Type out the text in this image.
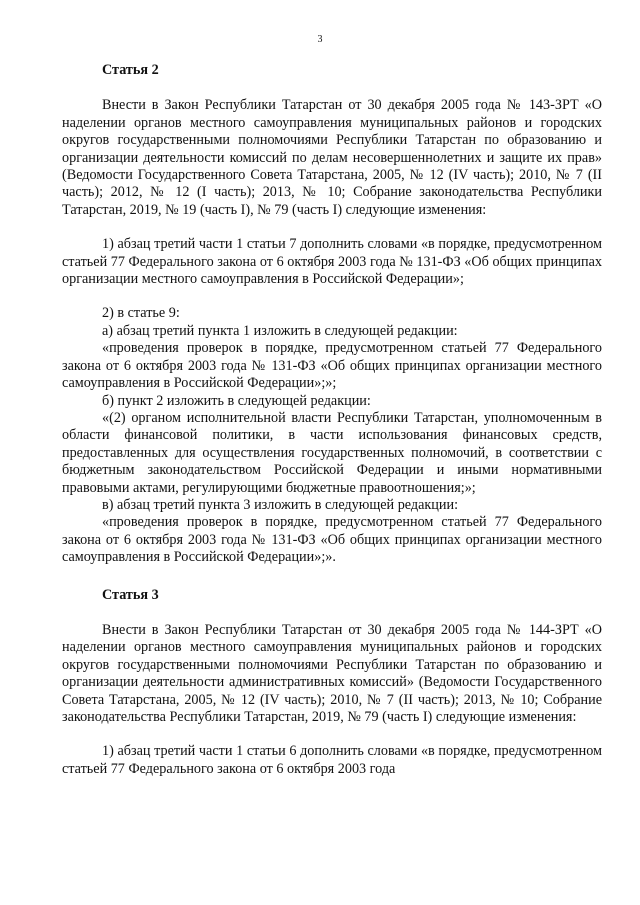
3

Статья 2

Внести в Закон Республики Татарстан от 30 декабря 2005 года № 143-ЗРТ «О наделении органов местного самоуправления муниципальных районов и городских округов государственными полномочиями Республики Татарстан по образованию и организации деятельности комиссий по делам несовершеннолетних и защите их прав» (Ведомости Государственного Совета Татарстана, 2005, № 12 (IV часть); 2010, № 7 (II часть); 2012, № 12 (I часть); 2013, № 10; Собрание законодательства Республики Татарстан, 2019, № 19 (часть I), № 79 (часть I) следующие изменения:

1) абзац третий части 1 статьи 7 дополнить словами «в порядке, предусмотренном статьей 77 Федерального закона от 6 октября 2003 года № 131-ФЗ «Об общих принципах организации местного самоуправления в Российской Федерации»;

2) в статье 9:

а) абзац третий пункта 1 изложить в следующей редакции:

«проведения проверок в порядке, предусмотренном статьей 77 Федерального закона от 6 октября 2003 года № 131-ФЗ «Об общих принципах организации местного самоуправления в Российской Федерации»;»;

б) пункт 2 изложить в следующей редакции:

«(2) органом исполнительной власти Республики Татарстан, уполномоченным в области финансовой политики, в части использования финансовых средств, предоставленных для осуществления государственных полномочий, в соответствии с бюджетным законодательством Российской Федерации и иными нормативными правовыми актами, регулирующими бюджетные правоотношения;»;

в) абзац третий пункта 3 изложить в следующей редакции:

«проведения проверок в порядке, предусмотренном статьей 77 Федерального закона от 6 октября 2003 года № 131-ФЗ «Об общих принципах организации местного самоуправления в Российской Федерации»;».

Статья 3

Внести в Закон Республики Татарстан от 30 декабря 2005 года № 144-ЗРТ «О наделении органов местного самоуправления муниципальных районов и городских округов государственными полномочиями Республики Татарстан по образованию и организации деятельности административных комиссий» (Ведомости Государственного Совета Татарстана, 2005, № 12 (IV часть); 2010, № 7 (II часть); 2013, № 10; Собрание законодательства Республики Татарстан, 2019, № 79 (часть I) следующие изменения:

1) абзац третий части 1 статьи 6 дополнить словами «в порядке, предусмотренном статьей 77 Федерального закона от 6 октября 2003 года
